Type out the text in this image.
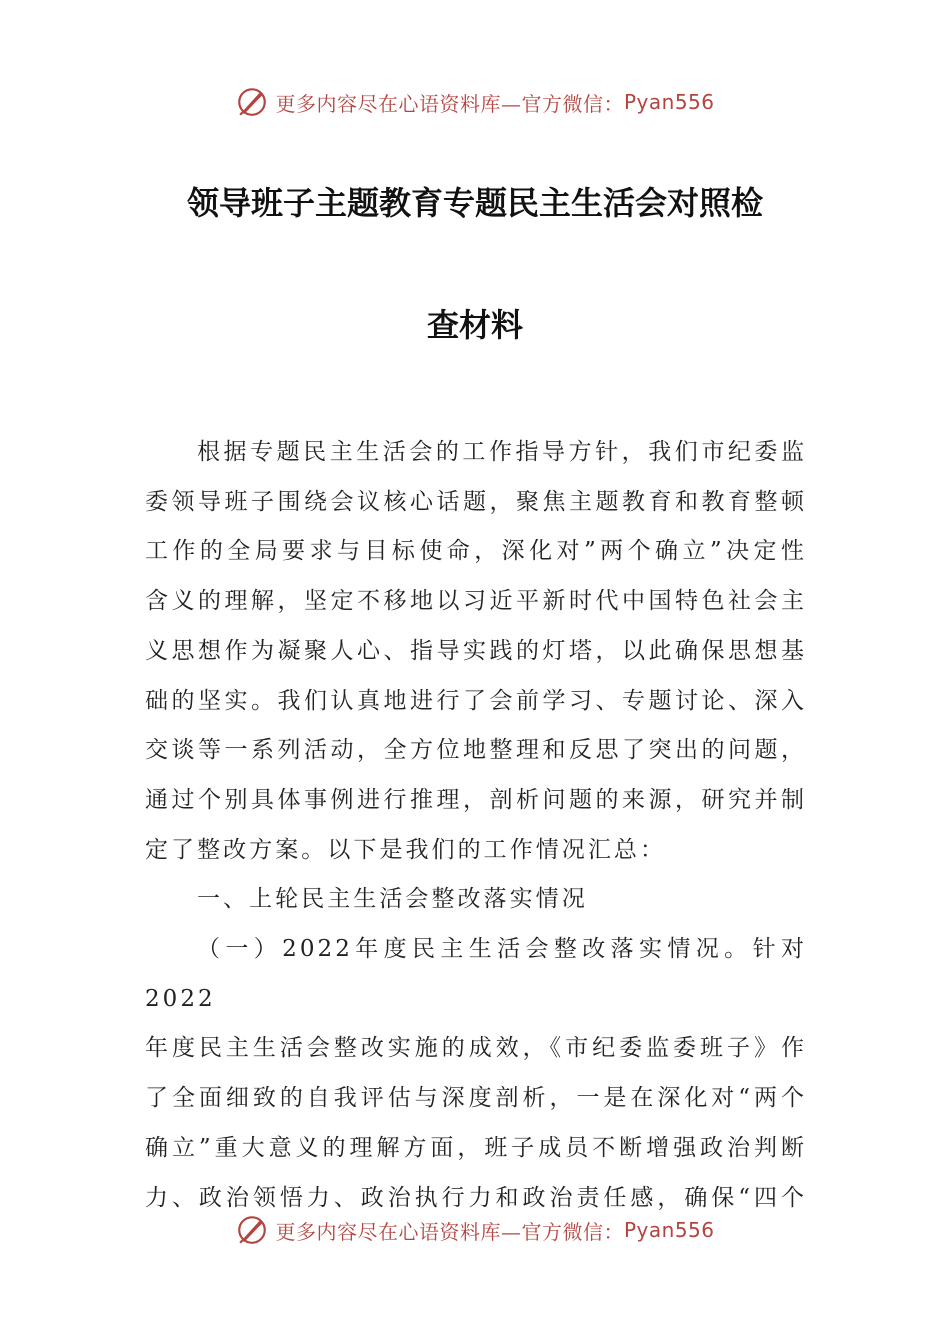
更多内容尽在心语资料库—官方微信： Pyan556
领导班子主题教育专题民主生活会对照检
查材料

根据专题民主生活会的工作指导方针，我们市纪委监

委领导班子围绕会议核心话题，聚焦主题教育和教育整顿

工作的全局要求与目标使命，深化对”两个确立”决定性

含义的理解，坚定不移地以习近平新时代中国特色社会主

义思想作为凝聚人心、指导实践的灯塔，以此确保思想基

础的坚实。我们认真地进行了会前学习、专题讨论、深入

交谈等一系列活动，全方位地整理和反思了突出的问题，

通过个别具体事例进行推理，剖析问题的来源，研究并制

定了整改方案。以下是我们的工作情况汇总：

一、上轮民主生活会整改落实情况

（一）2022年度民主生活会整改落实情况。针对2022

年度民主生活会整改实施的成效，《市纪委监委班子》作

了全面细致的自我评估与深度剖析，一是在深化对“两个

确立”重大意义的理解方面，班子成员不断增强政治判断

力、政治领悟力、政治执行力和政治责任感，确保“四个

更多内容尽在心语资料库—官方微信： Pyan556
